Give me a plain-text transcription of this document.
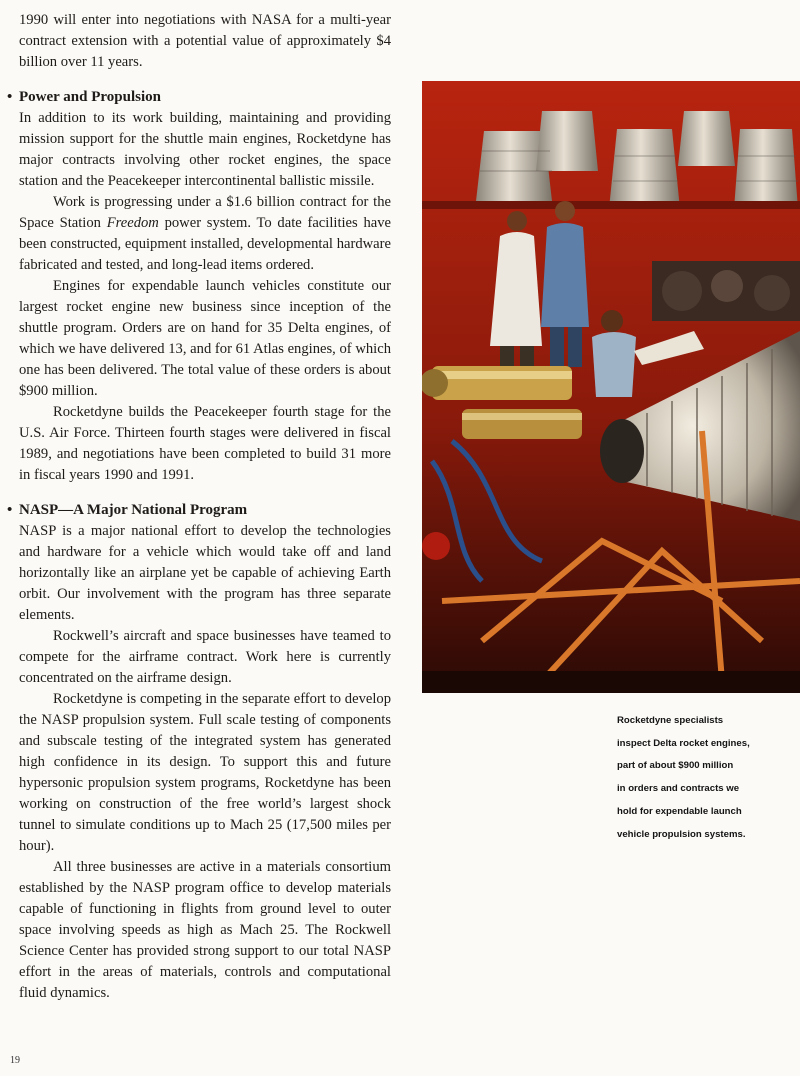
1990 will enter into negotiations with NASA for a multi-year contract extension with a potential value of approximately $4 billion over 11 years.

• Power and Propulsion

In addition to its work building, maintaining and providing mission support for the shuttle main engines, Rocketdyne has major contracts involving other rocket engines, the space station and the Peacekeeper intercontinental ballistic missile.

Work is progressing under a $1.6 billion contract for the Space Station Freedom power system. To date facilities have been constructed, equipment installed, developmental hardware fabricated and tested, and long-lead items ordered.

Engines for expendable launch vehicles constitute our largest rocket engine new business since inception of the shuttle program. Orders are on hand for 35 Delta engines, of which we have delivered 13, and for 61 Atlas engines, of which one has been delivered. The total value of these orders is about $900 million.

Rocketdyne builds the Peacekeeper fourth stage for the U.S. Air Force. Thirteen fourth stages were delivered in fiscal 1989, and negotiations have been completed to build 31 more in fiscal years 1990 and 1991.

• NASP—A Major National Program

NASP is a major national effort to develop the technologies and hardware for a vehicle which would take off and land horizontally like an airplane yet be capable of achieving Earth orbit. Our involvement with the program has three separate elements.

Rockwell’s aircraft and space businesses have teamed to compete for the airframe contract. Work here is currently concentrated on the airframe design.

Rocketdyne is competing in the separate effort to develop the NASP propulsion system. Full scale testing of components and subscale testing of the integrated system has generated high confidence in its design. To support this and future hypersonic propulsion system programs, Rocketdyne has been working on construction of the free world’s largest shock tunnel to simulate conditions up to Mach 25 (17,500 miles per hour).

All three businesses are active in a materials consortium established by the NASP program office to develop materials capable of functioning in flights from ground level to outer space involving speeds as high as Mach 25. The Rockwell Science Center has provided strong support to our total NASP effort in the areas of materials, controls and computational fluid dynamics.

Rocketdyne specialists
inspect Delta rocket engines,
part of about $900 million
in orders and contracts we
hold for expendable launch
vehicle propulsion systems.
19
